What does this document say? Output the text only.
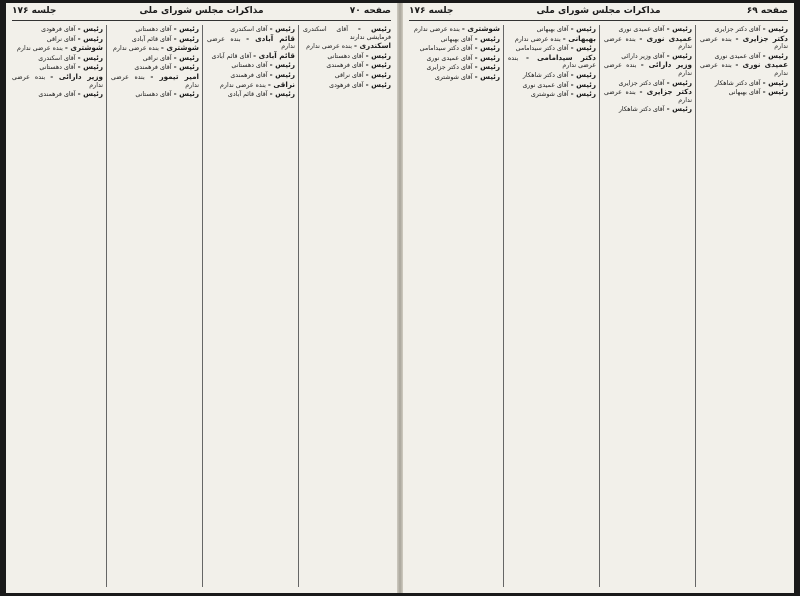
صفحه ۷۰
مذاکرات مجلس شورای ملی
جلسه ۱۷۶
رئیس - آقای اسکندری فرمایشی ندارند
اسکندری - بنده عرضی ندارم
رئیس - آقای دهستانی
رئیس - آقای فرهمندی
رئیس - آقای نراقی
رئیس - آقای فرهودی
رئیس - آقای اسکندری
قائم آبادی - بنده عرضی ندارم
قائم آبادی - آقای قائم آبادی
رئیس - آقای دهستانی
رئیس - آقای فرهمندی
نراقی - بنده عرضی ندارم
رئیس - آقای قائم آبادی
رئیس - آقای دهستانی
رئیس - آقای قائم آبادی
شوشتری - بنده عرضی ندارم
رئیس - آقای نراقی
رئیس - آقای فرهمندی
امیر تیمور - بنده عرضی ندارم
رئیس - آقای دهستانی
رئیس - آقای فرهودی
رئیس - آقای نراقی
شوشتری - بنده عرضی ندارم
رئیس - آقای اسکندری
رئیس - آقای دهستانی
وزیر دارائی - بنده عرضی ندارم
رئیس - آقای فرهمندی
صفحه ۶۹
مذاکرات مجلس شورای ملی
جلسه ۱۷۶
رئیس - آقای دکتر جزایری
دکتر جزایری - بنده عرضی ندارم
رئیس - آقای عمیدی نوری
عمیدی نوری - بنده عرضی ندارم
رئیس - آقای دکتر شاهکار
رئیس - آقای بهبهانی
رئیس - آقای عمیدی نوری
عمیدی نوری - بنده عرضی ندارم
رئیس - آقای وزیر دارائی
وزیر دارائی - بنده عرضی ندارم
رئیس - آقای دکتر جزایری
دکتر جزایری - بنده عرضی ندارم
رئیس - آقای دکتر شاهکار
رئیس - آقای بهبهانی
بهبهانی - بنده عرضی ندارم
رئیس - آقای دکتر سیدامامی
دکتر سیدامامی - بنده عرضی ندارم
رئیس - آقای دکتر شاهکار
رئیس - آقای عمیدی نوری
رئیس - آقای شوشتری
شوشتری - بنده عرضی ندارم
رئیس - آقای بهبهانی
رئیس - آقای دکتر سیدامامی
رئیس - آقای عمیدی نوری
رئیس - آقای دکتر جزایری
رئیس - آقای شوشتری
